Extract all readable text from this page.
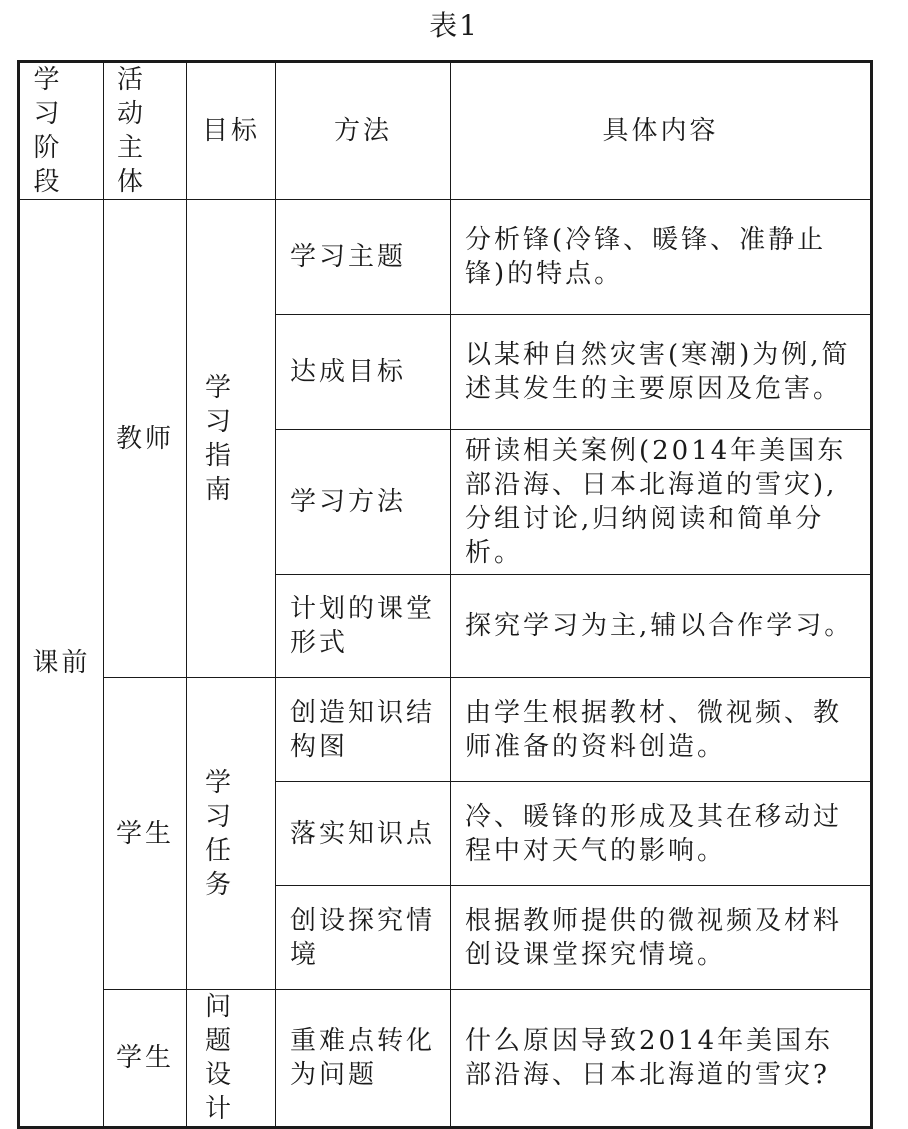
表1
学习阶段	活动主体	目标	方法	具体内容
课前	教师	学习指南	学习主题	分析锋(冷锋、暖锋、准静止锋)的特点。
			达成目标	以某种自然灾害(寒潮)为例,简述其发生的主要原因及危害。
			学习方法	研读相关案例(2014年美国东部沿海、日本北海道的雪灾),分组讨论,归纳阅读和简单分析。
			计划的课堂形式	探究学习为主,辅以合作学习。
	学生	学习任务	创造知识结构图	由学生根据教材、微视频、教师准备的资料创造。
			落实知识点	冷、暖锋的形成及其在移动过程中对天气的影响。
			创设探究情境	根据教师提供的微视频及材料创设课堂探究情境。
	学生	问题设计	重难点转化为问题	什么原因导致2014年美国东部沿海、日本北海道的雪灾?
